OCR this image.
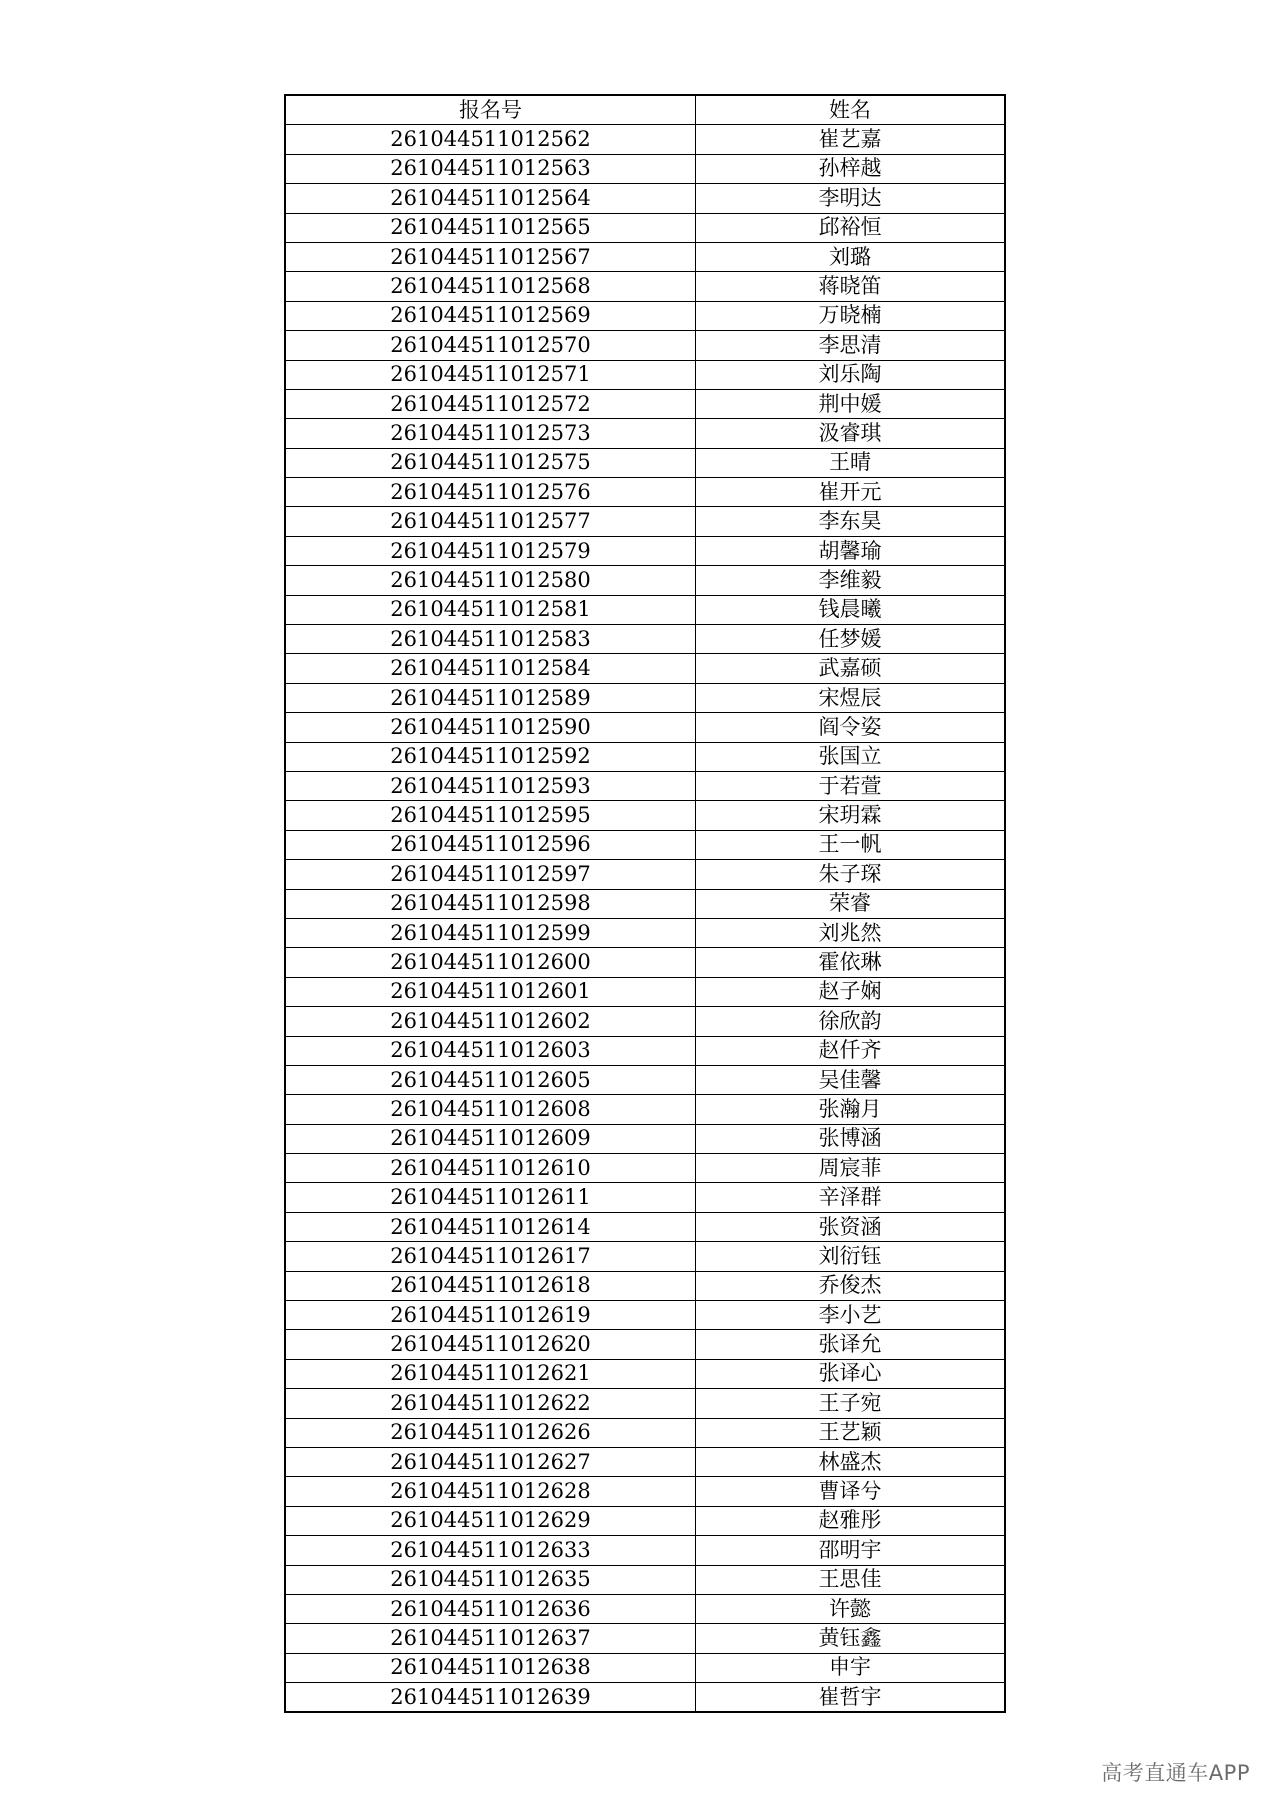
报名号	姓名
261044511012562	崔艺嘉
261044511012563	孙梓越
261044511012564	李明达
261044511012565	邱裕恒
261044511012567	刘璐
261044511012568	蒋晓笛
261044511012569	万晓楠
261044511012570	李思清
261044511012571	刘乐陶
261044511012572	荆中媛
261044511012573	汲睿琪
261044511012575	王晴
261044511012576	崔开元
261044511012577	李东昊
261044511012579	胡馨瑜
261044511012580	李维毅
261044511012581	钱晨曦
261044511012583	任梦媛
261044511012584	武嘉硕
261044511012589	宋煜辰
261044511012590	阎令姿
261044511012592	张国立
261044511012593	于若萱
261044511012595	宋玥霖
261044511012596	王一帆
261044511012597	朱子琛
261044511012598	荣睿
261044511012599	刘兆然
261044511012600	霍依琳
261044511012601	赵子娴
261044511012602	徐欣韵
261044511012603	赵仟齐
261044511012605	吴佳馨
261044511012608	张瀚月
261044511012609	张博涵
261044511012610	周宸菲
261044511012611	辛泽群
261044511012614	张资涵
261044511012617	刘衍钰
261044511012618	乔俊杰
261044511012619	李小艺
261044511012620	张译允
261044511012621	张译心
261044511012622	王子宛
261044511012626	王艺颖
261044511012627	林盛杰
261044511012628	曹译兮
261044511012629	赵雅彤
261044511012633	邵明宇
261044511012635	王思佳
261044511012636	许懿
261044511012637	黄钰鑫
261044511012638	申宇
261044511012639	崔哲宇
高考直通车APP
